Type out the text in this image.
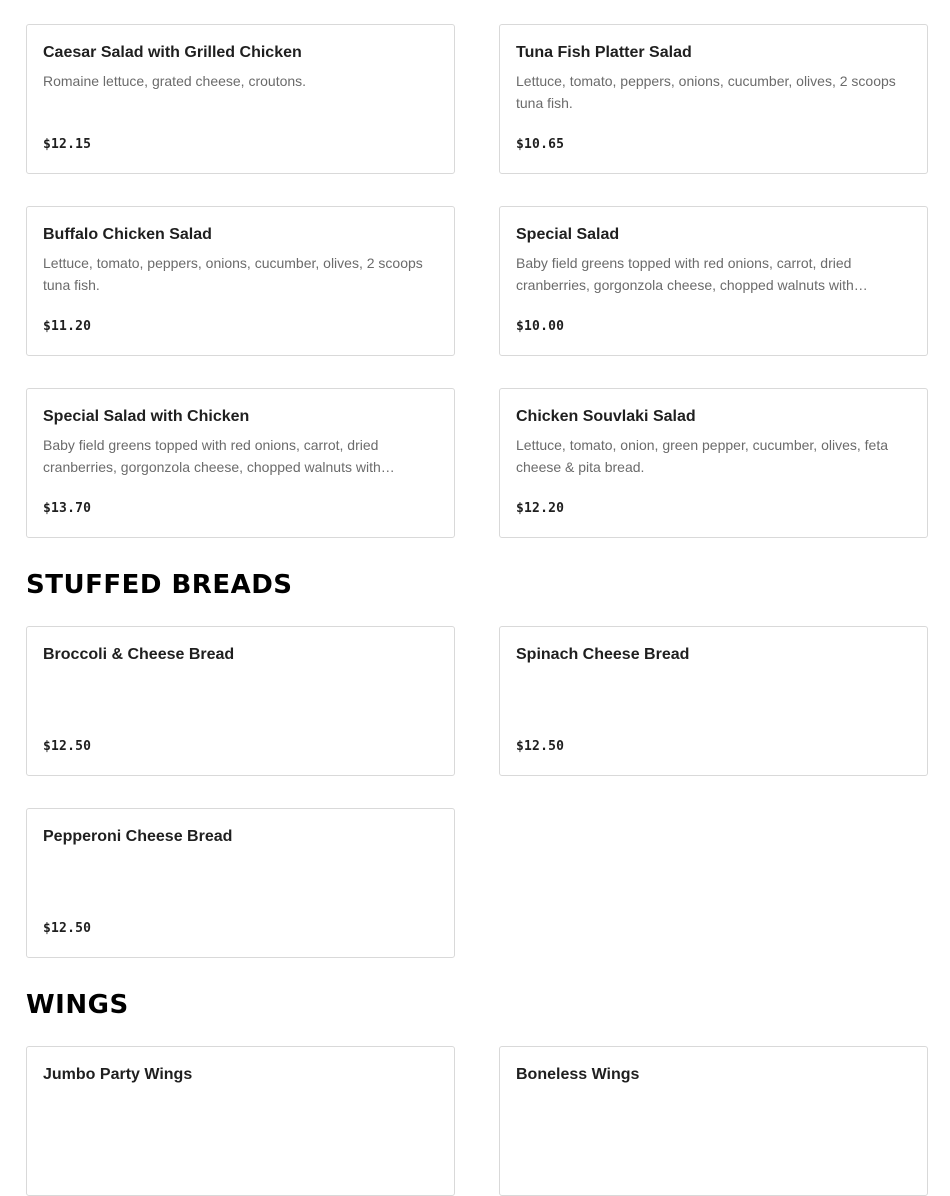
Caesar Salad with Grilled Chicken
Romaine lettuce, grated cheese, croutons.
$12.15
Tuna Fish Platter Salad
Lettuce, tomato, peppers, onions, cucumber, olives, 2 scoops tuna fish.
$10.65
Buffalo Chicken Salad
Lettuce, tomato, peppers, onions, cucumber, olives, 2 scoops tuna fish.
$11.20
Special Salad
Baby field greens topped with red onions, carrot, dried cranberries, gorgonzola cheese, chopped walnuts with…
$10.00
Special Salad with Chicken
Baby field greens topped with red onions, carrot, dried cranberries, gorgonzola cheese, chopped walnuts with…
$13.70
Chicken Souvlaki Salad
Lettuce, tomato, onion, green pepper, cucumber, olives, feta cheese & pita bread.
$12.20
STUFFED BREADS
Broccoli & Cheese Bread
$12.50
Spinach Cheese Bread
$12.50
Pepperoni Cheese Bread
$12.50
WINGS
Jumbo Party Wings	Boneless Wings
